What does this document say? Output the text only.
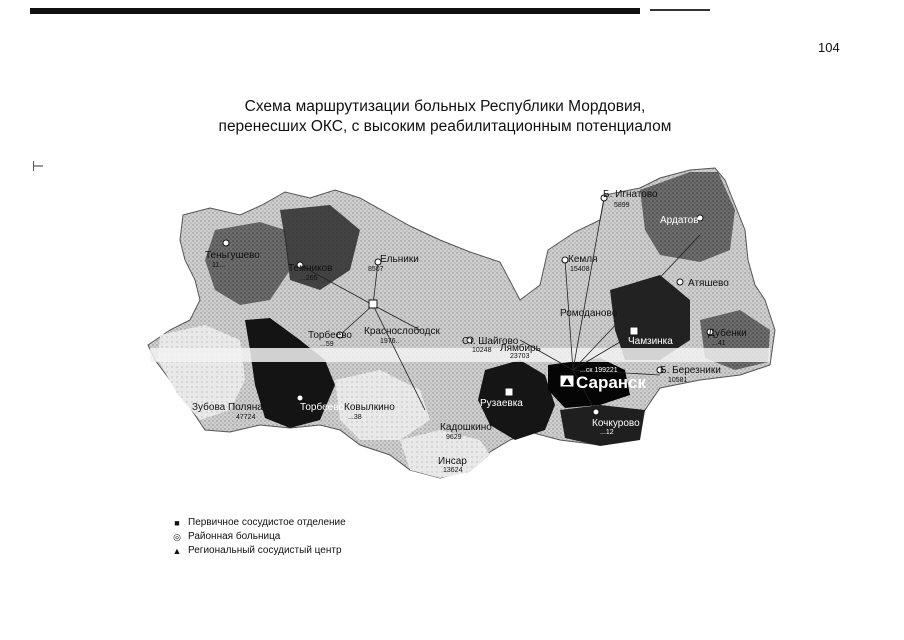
104
⊢
Схема маршрутизации больных Республики Мордовия,
перенесших ОКС, с высоким реабилитационным потенциалом
Теньгушево
11...	Темников
...265
Ельники
8507
Торбеево
...59
Краснослободск
1976..
Зубова Поляна
47724
Торбеево Ковылкино
...38
Ст. Шайгово
10248
Ромоданово
Лямбирь
23703
Кемля
15408
Б. Игнатово
5899
Ардатов
Атяшево
Чамзинка
Дубенки
...41
Б. Березники
10581
Рузаевка
Кочкурово
...12
Кадошкино
9629
Инсар
13624
Саранск
...ск 199221
■ Первичное сосудистое отделение
◎ Районная больница
▲ Региональный сосудистый центр
